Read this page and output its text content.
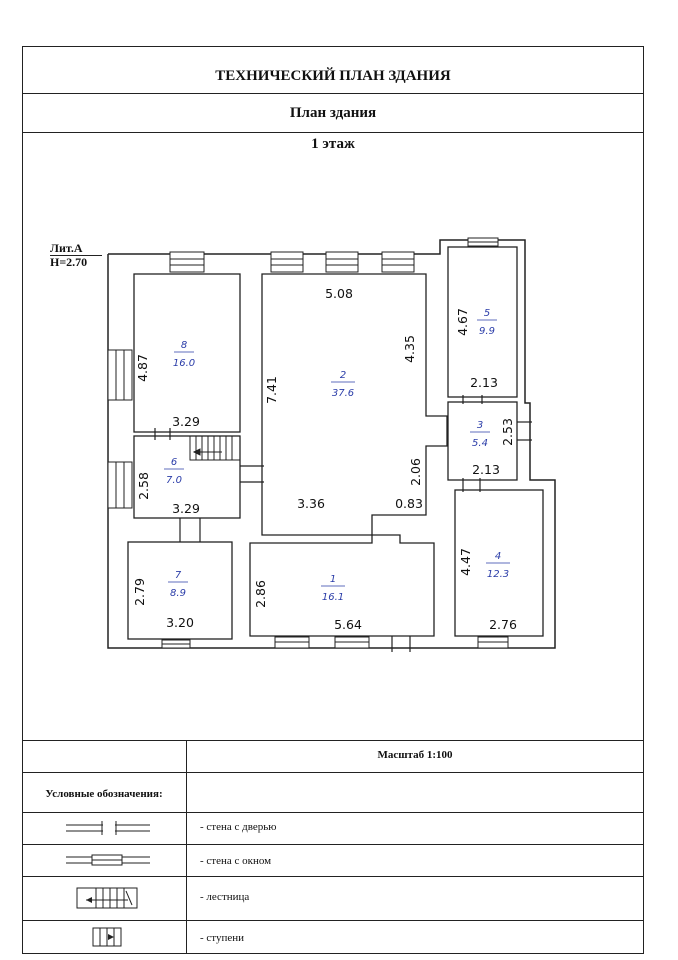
ТЕХНИЧЕСКИЙ ПЛАН ЗДАНИЯ
План здания
1 этаж
Лит.А
H=2.70
8
16.0
2
37.6
5
9.9
3
5.4
6
7.0
7
8.9
1
16.1
4
12.3
5.08
4.35
4.67
4.87
7.41	2.13
2.53
3.29
2.06	2.13
2.58
3.36	0.83
3.29
4.47
2.79	2.86
3.20	5.64	2.76
Масштаб 1:100
Условные обозначения:
- стена с дверью
- стена с окном
- лестница
- ступени
